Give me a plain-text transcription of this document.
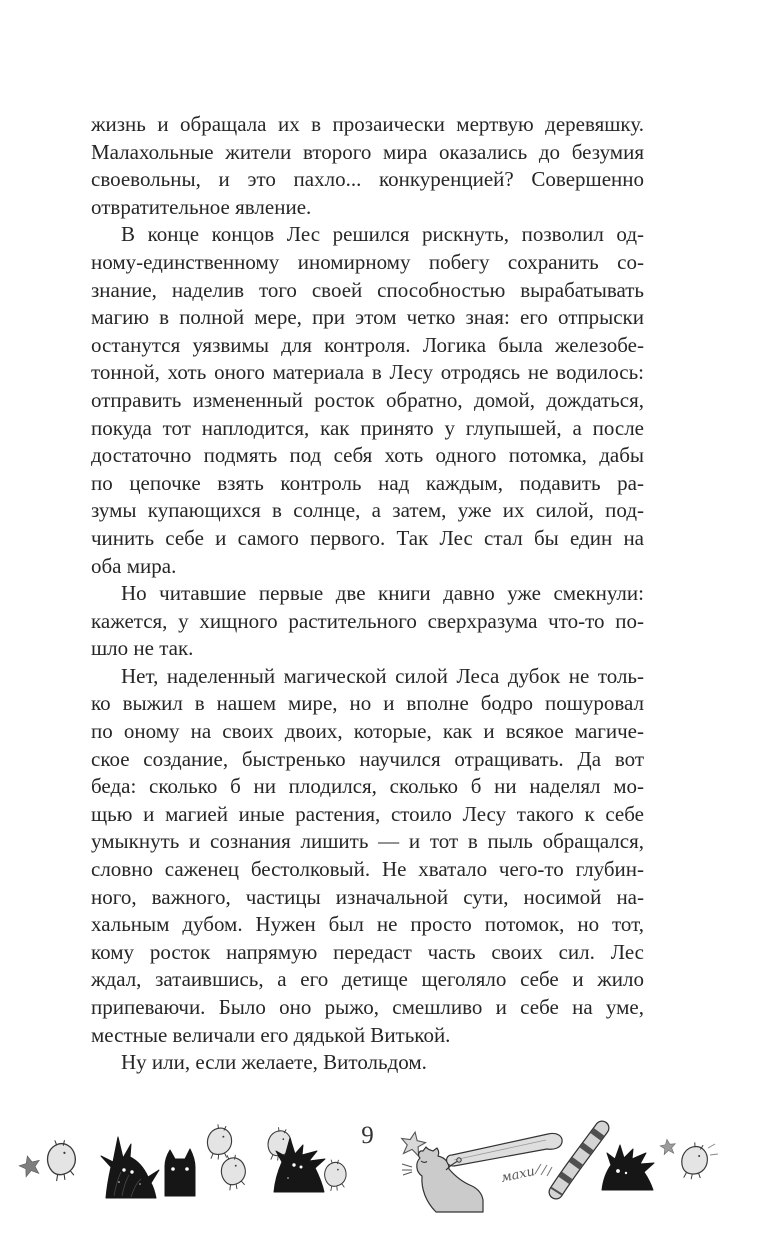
жизнь и обращала их в прозаически мертвую деревяшку.
Малахольные жители второго мира оказались до безумия
своевольны, и это пахло... конкуренцией? Совершенно
отвратительное явление.
В конце концов Лес решился рискнуть, позволил од-
ному-единственному иномирному побегу сохранить со-
знание, наделив того своей способностью вырабатывать
магию в полной мере, при этом четко зная: его отпрыски
останутся уязвимы для контроля. Логика была железобе-
тонной, хоть оного материала в Лесу отродясь не водилось:
отправить измененный росток обратно, домой, дождаться,
покуда тот наплодится, как принято у глупышей, а после
достаточно подмять под себя хоть одного потомка, дабы
по цепочке взять контроль над каждым, подавить ра-
зумы купающихся в солнце, а затем, уже их силой, под-
чинить себе и самого первого. Так Лес стал бы един на
оба мира.
Но читавшие первые две книги давно уже смекнули:
кажется, у хищного растительного сверхразума что-то по-
шло не так.
Нет, наделенный магической силой Леса дубок не толь-
ко выжил в нашем мире, но и вполне бодро пошуровал
по оному на своих двоих, которые, как и всякое магиче-
ское создание, быстренько научился отращивать. Да вот
беда: сколько б ни плодился, сколько б ни наделял мо-
щью и магией иные растения, стоило Лесу такого к себе
умыкнуть и сознания лишить — и тот в пыль обращался,
словно саженец бестолковый. Не хватало чего-то глубин-
ного, важного, частицы изначальной сути, носимой на-
хальным дубом. Нужен был не просто потомок, но тот,
кому росток напрямую передаст часть своих сил. Лес
ждал, затаившись, а его детище щеголяло себе и жило
припеваючи. Было оно рыжо, смешливо и себе на уме,
местные величали его дядькой Витькой.
Ну или, если желаете, Витольдом.
махи
9
